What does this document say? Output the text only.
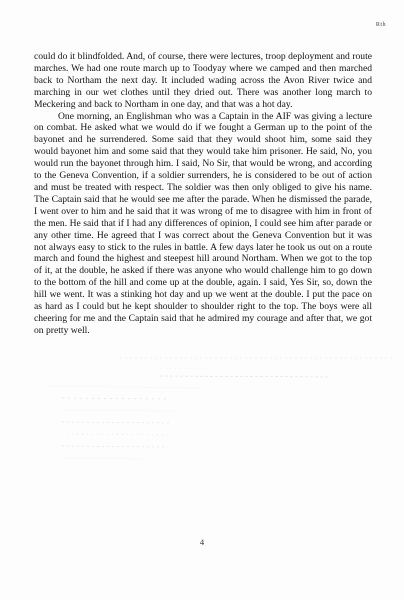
Rth

could do it blindfolded. And, of course, there were lectures, troop deployment and route marches. We had one route march up to Toodyay where we camped and then marched back to Northam the next day. It included wading across the Avon River twice and marching in our wet clothes until they dried out. There was another long march to Meckering and back to Northam in one day, and that was a hot day.

One morning, an Englishman who was a Captain in the AIF was giving a lecture on combat. He asked what we would do if we fought a German up to the point of the bayonet and he surrendered. Some said that they would shoot him, some said they would bayonet him and some said that they would take him prisoner. He said, No, you would run the bayonet through him. I said, No Sir, that would be wrong, and according to the Geneva Convention, if a soldier surrenders, he is considered to be out of action and must be treated with respect. The soldier was then only obliged to give his name. The Captain said that he would see me after the parade. When he dismissed the parade, I went over to him and he said that it was wrong of me to disagree with him in front of the men. He said that if I had any differences of opinion, I could see him after parade or any other time. He agreed that I was correct about the Geneva Convention but it was not always easy to stick to the rules in battle. A few days later he took us out on a route march and found the highest and steepest hill around Northam. When we got to the top of it, at the double, he asked if there was anyone who would challenge him to go down to the bottom of the hill and come up at the double, again. I said, Yes Sir, so, down the hill we went. It was a stinking hot day and up we went at the double. I put the pace on as hard as I could but he kept shoulder to shoulder right to the top. The boys were all cheering for me and the Captain said that he admired my courage and after that, we got on pretty well.

4
